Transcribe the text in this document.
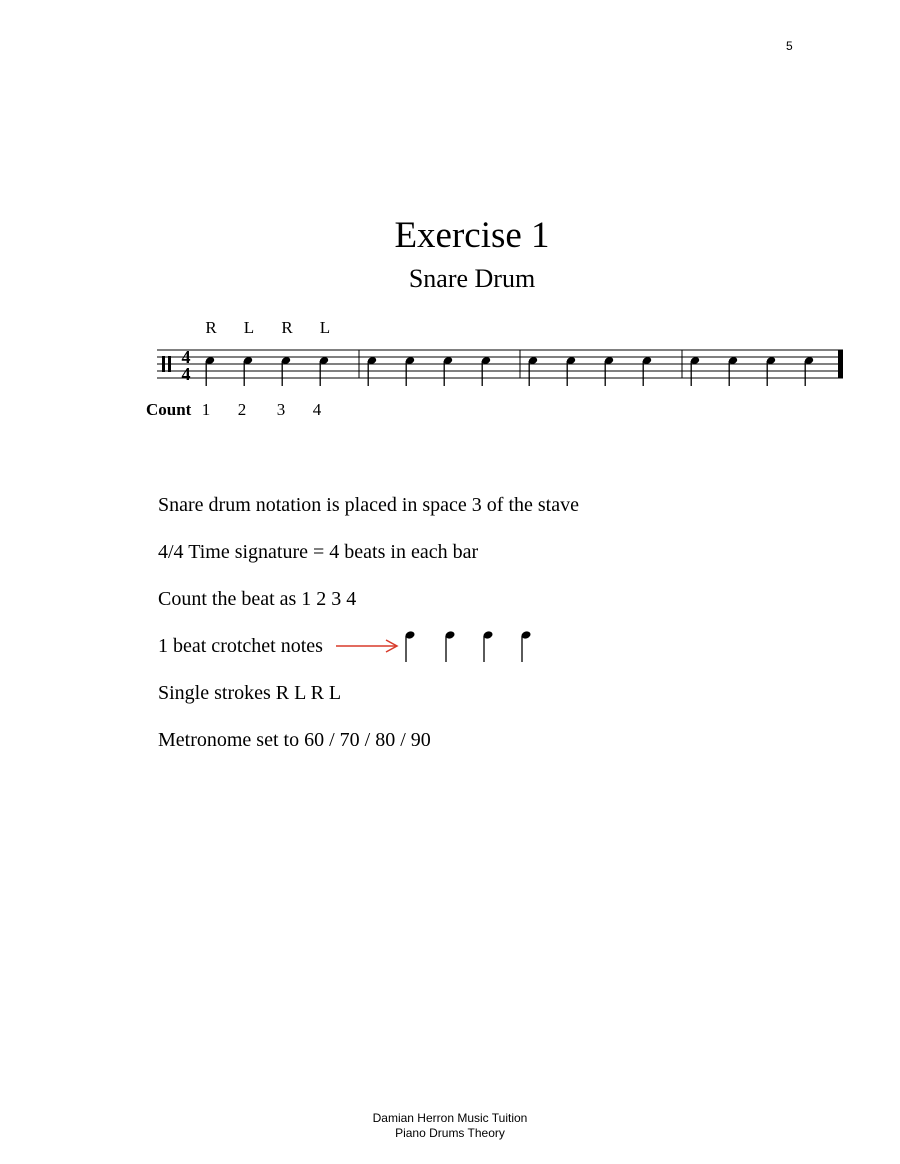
5
Exercise 1
Snare Drum
R L R L
4
4
Count 1 2 3 4
Snare drum notation is placed in space 3 of the stave
4/4 Time signature = 4 beats in each bar
Count the beat as 1 2 3 4
1 beat crotchet notes
Single strokes R L R L
Metronome set to 60 / 70 / 80 / 90
Damian Herron Music Tuition
Piano Drums Theory
